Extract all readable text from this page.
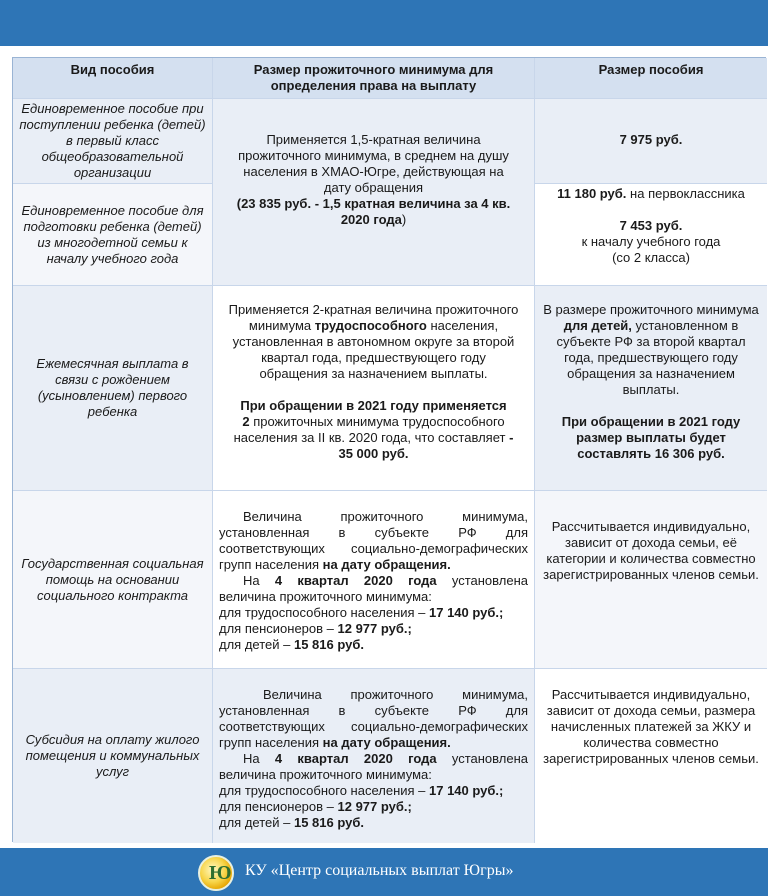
Вид пособия	Размер прожиточного минимума для определения права на выплату
Размер пособия
Единовременное пособие при поступлении ребенка (детей) в первый класс общеобразовательной организации
Единовременное пособие для подготовки ребенка (детей) из многодетной семьи к началу учебного года
Применяется 1,5-кратная величина прожиточного минимума, в среднем на душу населения в ХМАО-Югре, действующая на дату обращения
(23 835 руб. - 1,5 кратная величина за 4 кв. 2020 года)
7 975 руб.
11 180 руб. на первоклассника
7 453 руб.
к началу учебного года
(со 2 класса)
Ежемесячная выплата в связи с рождением (усыновлением) первого ребенка
Применяется 2-кратная величина прожиточного минимума трудоспособного населения, установленная в автономном округе за второй квартал года, предшествующего году обращения за назначением выплаты.
При обращении в 2021 году применяется
2 прожиточных минимума трудоспособного населения за II кв. 2020 года, что составляет - 35 000 руб.
В размере прожиточного минимума для детей, установленном в субъекте РФ за второй квартал года, предшествующего году обращения за назначением выплаты.
При обращении в 2021 году размер выплаты будет составлять 16 306 руб.
Государственная социальная помощь на основании социального контракта
Величина прожиточного минимума, установленная в субъекте РФ для соответствующих социально-демографических групп населения на дату обращения.
На 4 квартал 2020 года установлена величина прожиточного минимума:
для трудоспособного населения – 17 140 руб.;
для пенсионеров – 12 977 руб.;
для детей – 15 816 руб.
Рассчитывается индивидуально, зависит от дохода семьи, её категории и количества совместно зарегистрированных членов семьи.
Субсидия на оплату жилого помещения и коммунальных услуг
Величина прожиточного минимума, установленная в субъекте РФ для соответствующих социально-демографических групп населения на дату обращения.
На 4 квартал 2020 года установлена величина прожиточного минимума:
для трудоспособного населения – 17 140 руб.;
для пенсионеров – 12 977 руб.;
для детей – 15 816 руб.
Рассчитывается индивидуально, зависит от дохода семьи, размера начисленных платежей за ЖКУ и количества совместно зарегистрированных членов семьи.
Ю КУ «Центр социальных выплат Югры»
